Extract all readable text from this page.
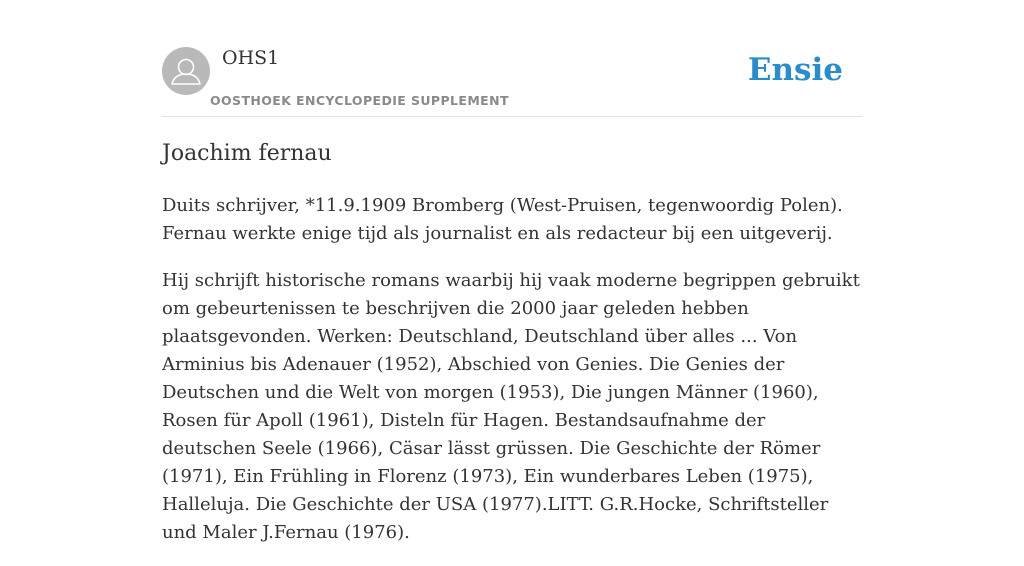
OHS1
OOSTHOEK ENCYCLOPEDIE SUPPLEMENT
Ensie
Joachim fernau

Duits schrijver, *11.9.1909 Bromberg (West-Pruisen, tegenwoordig Polen). Fernau werkte enige tijd als journalist en als redacteur bij een uitgeverij.

Hij schrijft historische romans waarbij hij vaak moderne begrippen gebruikt om gebeurtenissen te beschrijven die 2000 jaar geleden hebben plaatsgevonden. Werken: Deutschland, Deutschland über alles ... Von Arminius bis Adenauer (1952), Abschied von Genies. Die Genies der Deutschen und die Welt von morgen (1953), Die jungen Männer (1960), Rosen für Apoll (1961), Disteln für Hagen. Bestandsaufnahme der deutschen Seele (1966), Cäsar lässt grüssen. Die Geschichte der Römer (1971), Ein Frühling in Florenz (1973), Ein wunderbares Leben (1975), Halleluja. Die Geschichte der USA (1977).LITT. G.R.Hocke, Schriftsteller und Maler J.Fernau (1976).
